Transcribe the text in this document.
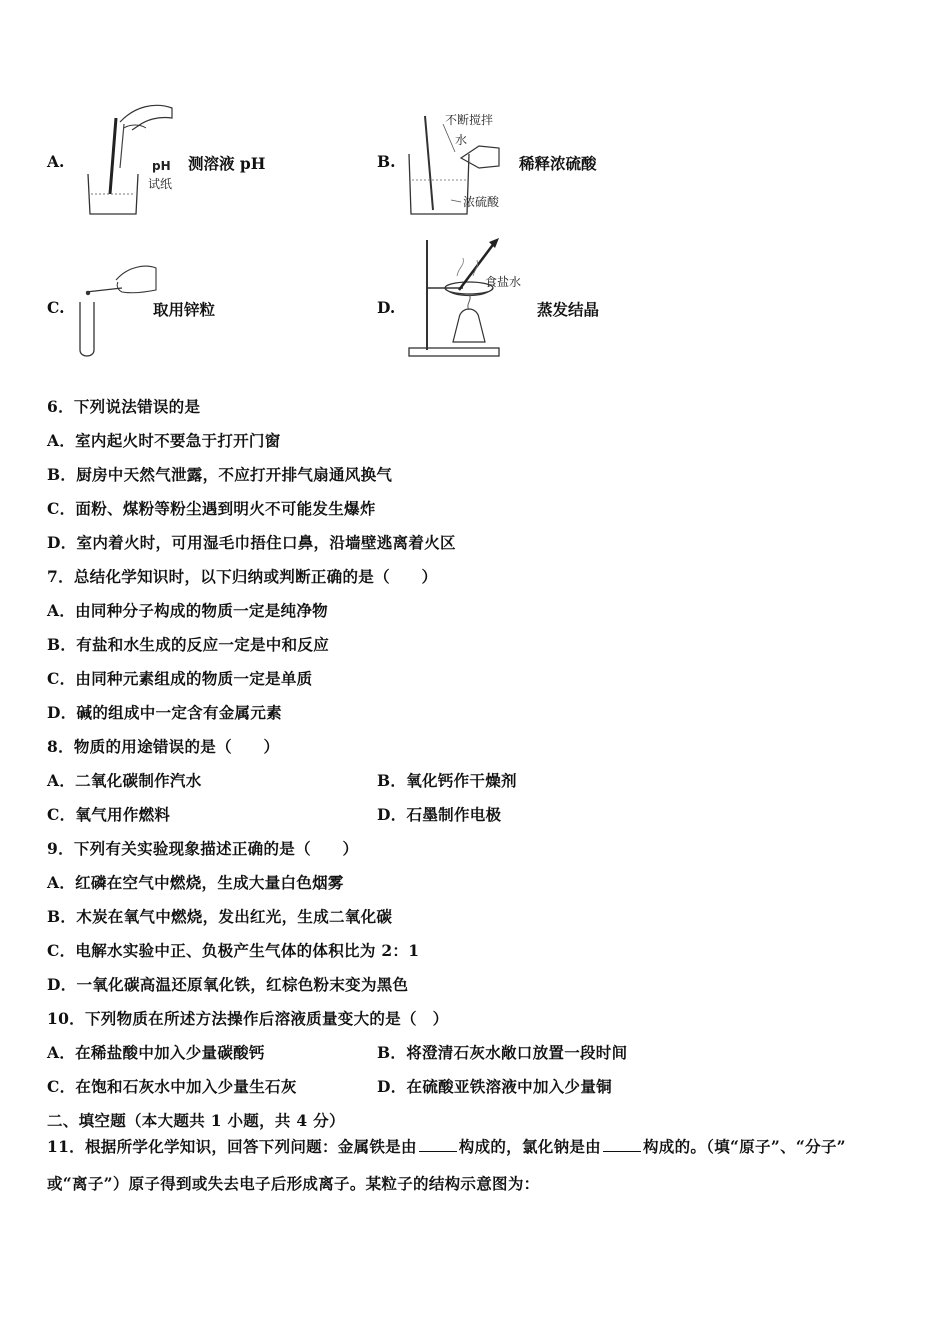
A.	pH
试纸
测溶液 pH	B.
不断搅拌
水
浓硫酸
稀释浓硫酸
C.	取用锌粒	D.
食盐水
蒸发结晶
6．下列说法错误的是
A．室内起火时不要急于打开门窗
B．厨房中天然气泄露，不应打开排气扇通风换气
C．面粉、煤粉等粉尘遇到明火不可能发生爆炸
D．室内着火时，可用湿毛巾捂住口鼻，沿墙壁逃离着火区
7．总结化学知识时，以下归纳或判断正确的是（　　）
A．由同种分子构成的物质一定是纯净物
B．有盐和水生成的反应一定是中和反应
C．由同种元素组成的物质一定是单质
D．碱的组成中一定含有金属元素
8．物质的用途错误的是（　　）
A．二氧化碳制作汽水	B．氧化钙作干燥剂
C．氧气用作燃料	D．石墨制作电极
9．下列有关实验现象描述正确的是（　　）
A．红磷在空气中燃烧，生成大量白色烟雾
B．木炭在氧气中燃烧，发出红光，生成二氧化碳
C．电解水实验中正、负极产生气体的体积比为 2：1
D．一氧化碳高温还原氧化铁，红棕色粉末变为黑色
10．下列物质在所述方法操作后溶液质量变大的是（　）
A．在稀盐酸中加入少量碳酸钙	B．将澄清石灰水敞口放置一段时间
C．在饱和石灰水中加入少量生石灰	D．在硫酸亚铁溶液中加入少量铜
二、填空题（本大题共 1 小题，共 4 分）
11．根据所学化学知识，回答下列问题：金属铁是由	构成的，氯化钠是由	构成的。（填“原子”、“分子”
或“离子”）原子得到或失去电子后形成离子。某粒子的结构示意图为：
